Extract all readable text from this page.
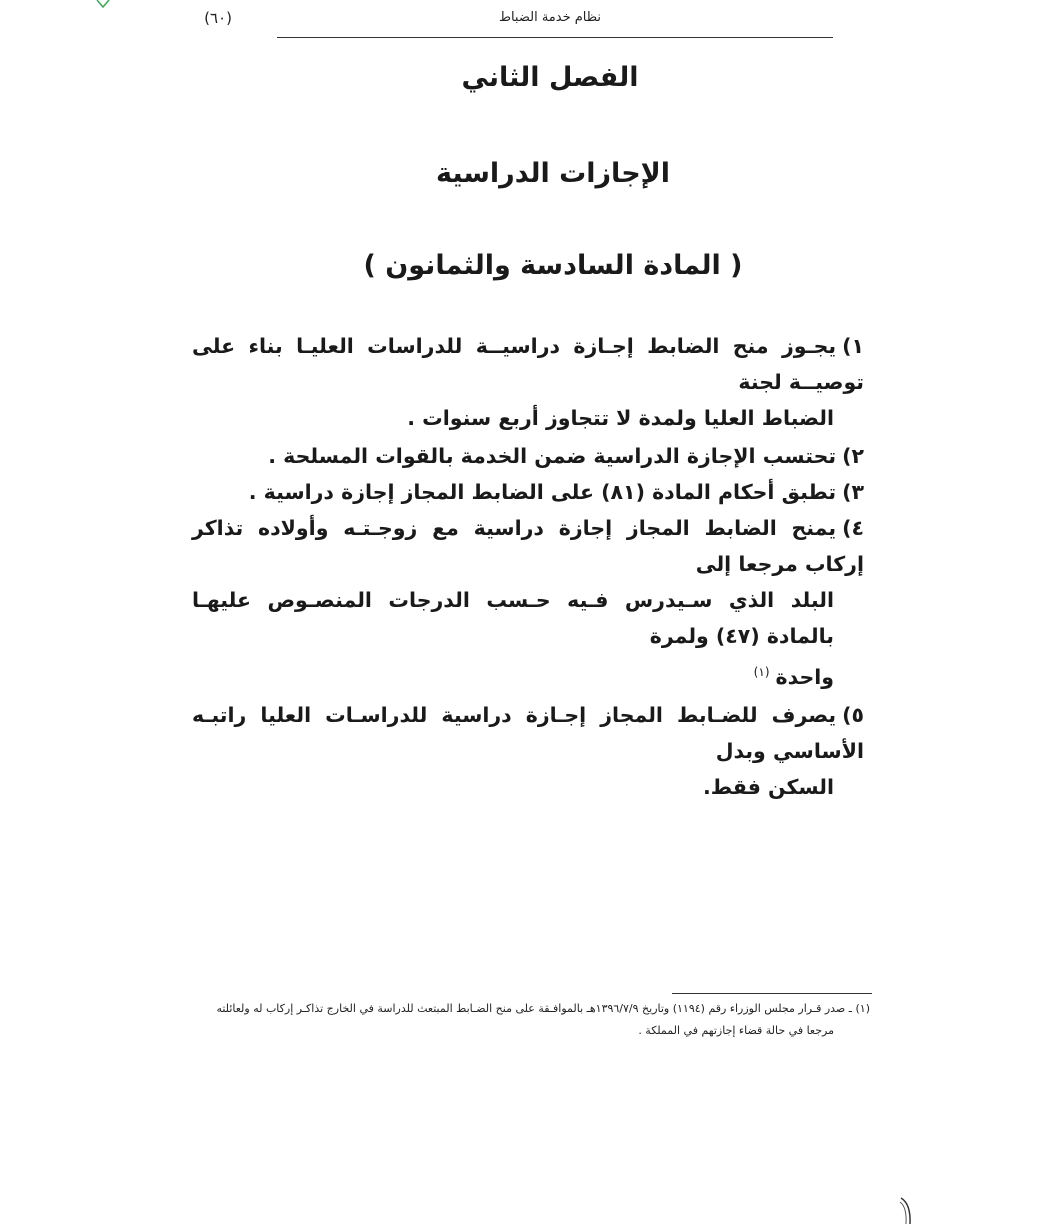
نظام خدمة الضباط
(٦٠)
الفصل الثاني
الإجازات الدراسية
( المادة السادسة والثمانون )
١)يجـوز منح الضابط إجـازة دراسيــة للدراسات العليـا بناء على توصيــة لجنة
الضباط العليا ولمدة لا تتجاوز أربع سنوات .
٢)تحتسب الإجازة الدراسية ضمن الخدمة بالقوات المسلحة .
٣)تطبق أحكام المادة (٨١) على الضابط المجاز إجازة دراسية .
٤)يمنح الضابط المجاز إجازة دراسية مع زوجـتـه وأولاده تذاكر إركاب مرجعا إلى
البلد الذي سـيدرس فـيه حـسب الدرجات المنصـوص عليهـا بالمادة (٤٧) ولمرة
واحدة$^{(١)}$
٥)يصرف للضـابط المجاز إجـازة دراسية للدراسـات العليا راتبـه الأساسي وبدل
السكن فقط.
(١) ـ صدر قـرار مجلس الوزراء رقم (١١٩٤) وتاريخ ١٣٩٦/٧/٩هـ بالموافـقة على منح الضـابط المبتعث للدراسة في الخارج تذاكـر إركاب له ولعائلته
مرجعا في حالة قضاء إجازتهم في المملكة .
